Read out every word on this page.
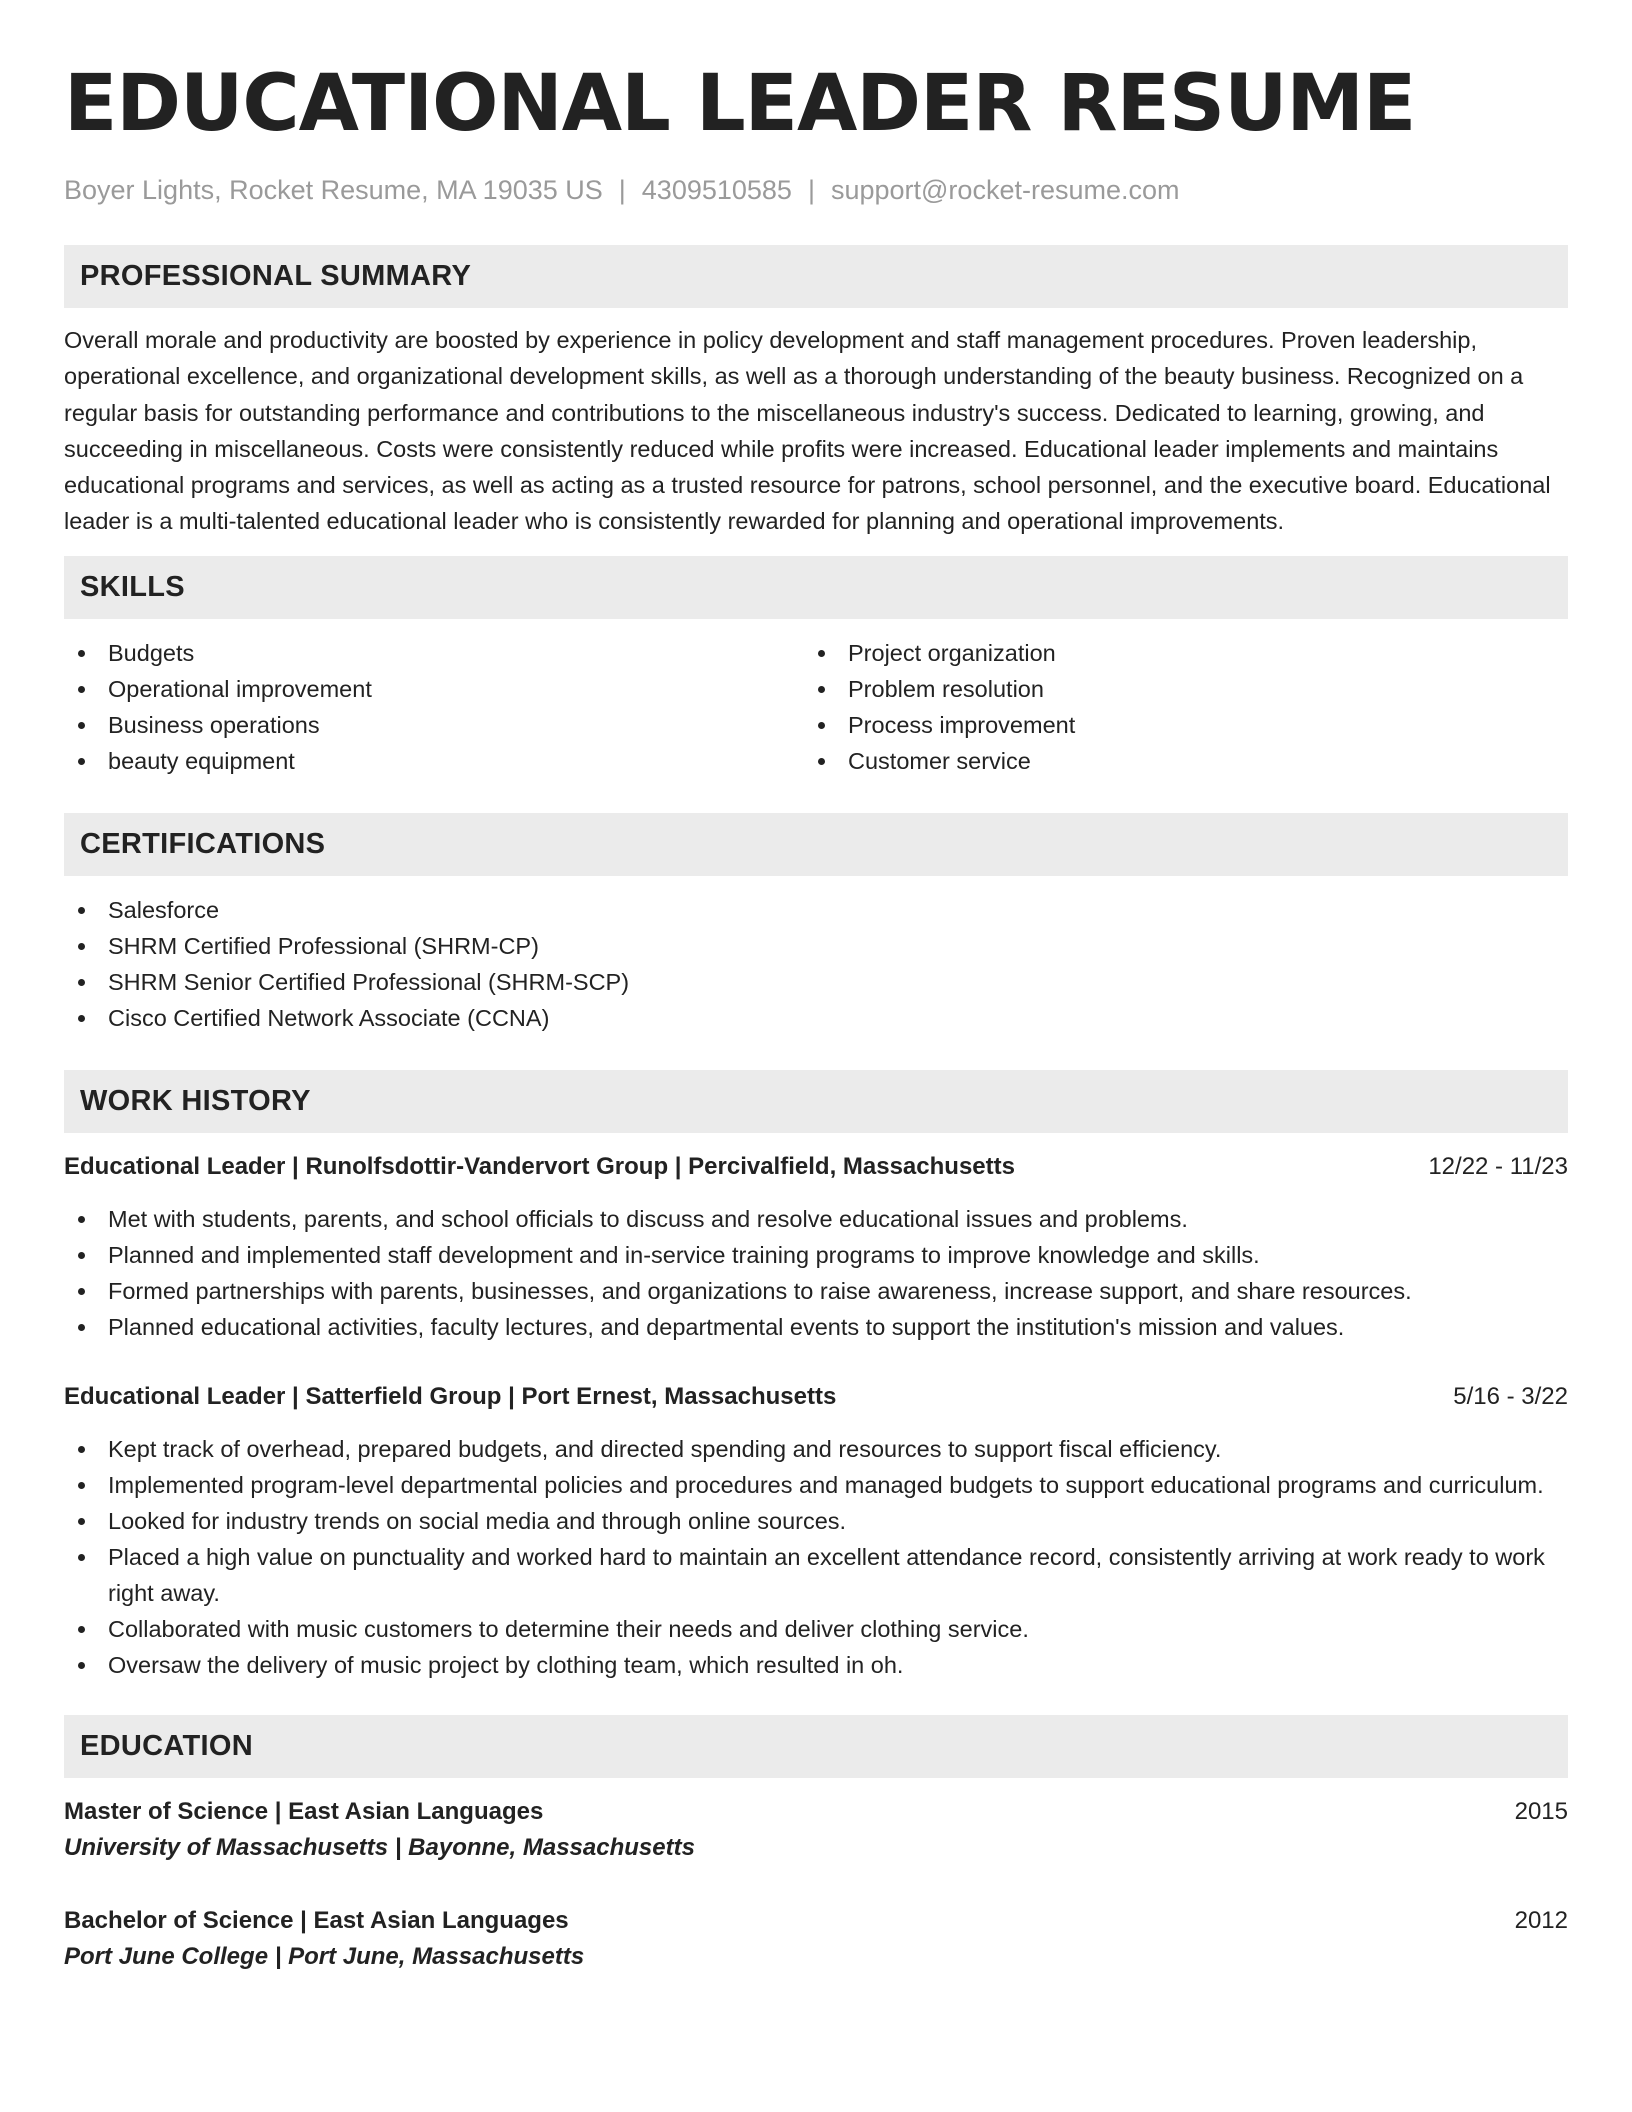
EDUCATIONAL LEADER RESUME
Boyer Lights, Rocket Resume, MA 19035 US | 4309510585 | support@rocket-resume.com
PROFESSIONAL SUMMARY

Overall morale and productivity are boosted by experience in policy development and staff management procedures. Proven leadership, operational excellence, and organizational development skills, as well as a thorough understanding of the beauty business. Recognized on a regular basis for outstanding performance and contributions to the miscellaneous industry's success. Dedicated to learning, growing, and succeeding in miscellaneous. Costs were consistently reduced while profits were increased. Educational leader implements and maintains educational programs and services, as well as acting as a trusted resource for patrons, school personnel, and the executive board. Educational leader is a multi-talented educational leader who is consistently rewarded for planning and operational improvements.

SKILLS
Budgets
Operational improvement
Business operations
beauty equipment
Project organization
Problem resolution
Process improvement
Customer service
CERTIFICATIONS
Salesforce
SHRM Certified Professional (SHRM-CP)
SHRM Senior Certified Professional (SHRM-SCP)
Cisco Certified Network Associate (CCNA)
WORK HISTORY
Educational Leader | Runolfsdottir-Vandervort Group | Percivalfield, Massachusetts	12/22 - 11/23
Met with students, parents, and school officials to discuss and resolve educational issues and problems.
Planned and implemented staff development and in-service training programs to improve knowledge and skills.
Formed partnerships with parents, businesses, and organizations to raise awareness, increase support, and share resources.
Planned educational activities, faculty lectures, and departmental events to support the institution's mission and values.
Educational Leader | Satterfield Group | Port Ernest, Massachusetts	5/16 - 3/22
Kept track of overhead, prepared budgets, and directed spending and resources to support fiscal efficiency.
Implemented program-level departmental policies and procedures and managed budgets to support educational programs and curriculum.
Looked for industry trends on social media and through online sources.
Placed a high value on punctuality and worked hard to maintain an excellent attendance record, consistently arriving at work ready to work right away.
Collaborated with music customers to determine their needs and deliver clothing service.
Oversaw the delivery of music project by clothing team, which resulted in oh.
EDUCATION
Master of Science | East Asian Languages	2015
University of Massachusetts | Bayonne, Massachusetts
Bachelor of Science | East Asian Languages	2012
Port June College | Port June, Massachusetts
